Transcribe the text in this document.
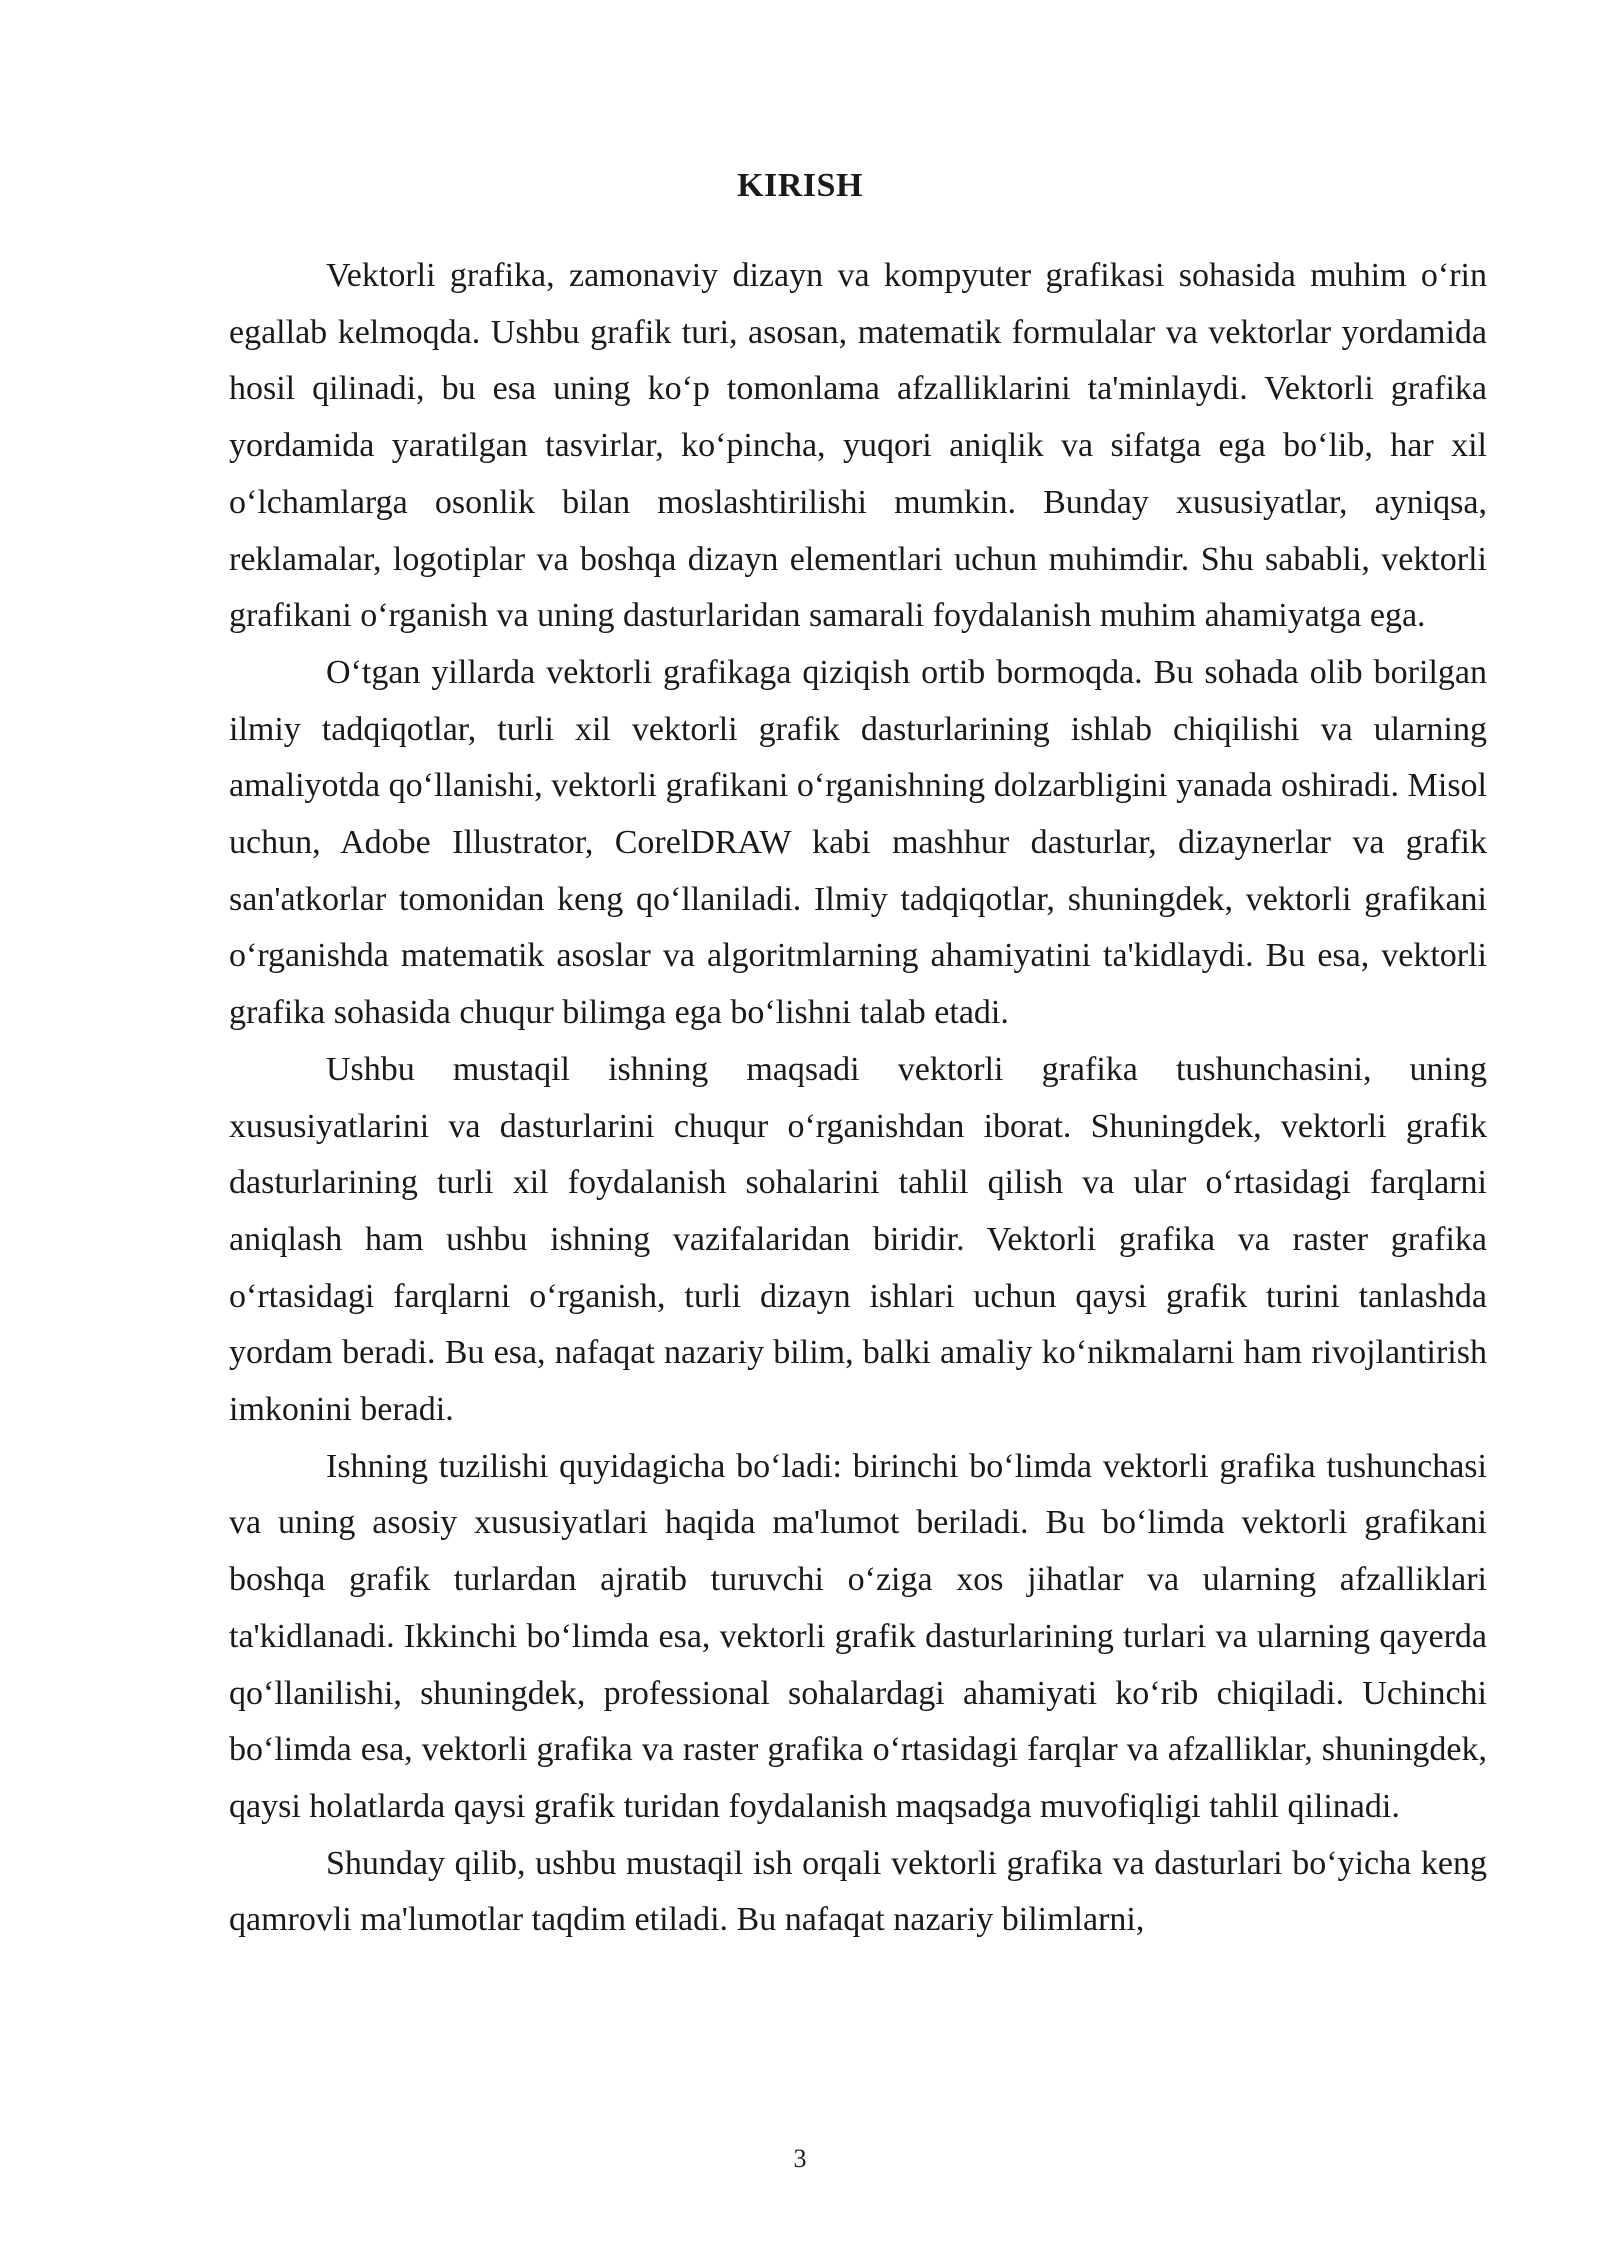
KIRISH

Vektorli grafika, zamonaviy dizayn va kompyuter grafikasi sohasida muhim o‘rin egallab kelmoqda. Ushbu grafik turi, asosan, matematik formulalar va vektorlar yordamida hosil qilinadi, bu esa uning ko‘p tomonlama afzalliklarini ta'minlaydi. Vektorli grafika yordamida yaratilgan tasvirlar, ko‘pincha, yuqori aniqlik va sifatga ega bo‘lib, har xil o‘lchamlarga osonlik bilan moslashtirilishi mumkin. Bunday xususiyatlar, ayniqsa, reklamalar, logotiplar va boshqa dizayn elementlari uchun muhimdir. Shu sababli, vektorli grafikani o‘rganish va uning dasturlaridan samarali foydalanish muhim ahamiyatga ega.

O‘tgan yillarda vektorli grafikaga qiziqish ortib bormoqda. Bu sohada olib borilgan ilmiy tadqiqotlar, turli xil vektorli grafik dasturlarining ishlab chiqilishi va ularning amaliyotda qo‘llanishi, vektorli grafikani o‘rganishning dolzarbligini yanada oshiradi. Misol uchun, Adobe Illustrator, CorelDRAW kabi mashhur dasturlar, dizaynerlar va grafik san'atkorlar tomonidan keng qo‘llaniladi. Ilmiy tadqiqotlar, shuningdek, vektorli grafikani o‘rganishda matematik asoslar va algoritmlarning ahamiyatini ta'kidlaydi. Bu esa, vektorli grafika sohasida chuqur bilimga ega bo‘lishni talab etadi.

Ushbu mustaqil ishning maqsadi vektorli grafika tushunchasini, uning xususiyatlarini va dasturlarini chuqur o‘rganishdan iborat. Shuningdek, vektorli grafik dasturlarining turli xil foydalanish sohalarini tahlil qilish va ular o‘rtasidagi farqlarni aniqlash ham ushbu ishning vazifalaridan biridir. Vektorli grafika va raster grafika o‘rtasidagi farqlarni o‘rganish, turli dizayn ishlari uchun qaysi grafik turini tanlashda yordam beradi. Bu esa, nafaqat nazariy bilim, balki amaliy ko‘nikmalarni ham rivojlantirish imkonini beradi.

Ishning tuzilishi quyidagicha bo‘ladi: birinchi bo‘limda vektorli grafika tushunchasi va uning asosiy xususiyatlari haqida ma'lumot beriladi. Bu bo‘limda vektorli grafikani boshqa grafik turlardan ajratib turuvchi o‘ziga xos jihatlar va ularning afzalliklari ta'kidlanadi. Ikkinchi bo‘limda esa, vektorli grafik dasturlarining turlari va ularning qayerda qo‘llanilishi, shuningdek, professional sohalardagi ahamiyati ko‘rib chiqiladi. Uchinchi bo‘limda esa, vektorli grafika va raster grafika o‘rtasidagi farqlar va afzalliklar, shuningdek, qaysi holatlarda qaysi grafik turidan foydalanish maqsadga muvofiqligi tahlil qilinadi.

Shunday qilib, ushbu mustaqil ish orqali vektorli grafika va dasturlari bo‘yicha keng qamrovli ma'lumotlar taqdim etiladi. Bu nafaqat nazariy bilimlarni,

3
